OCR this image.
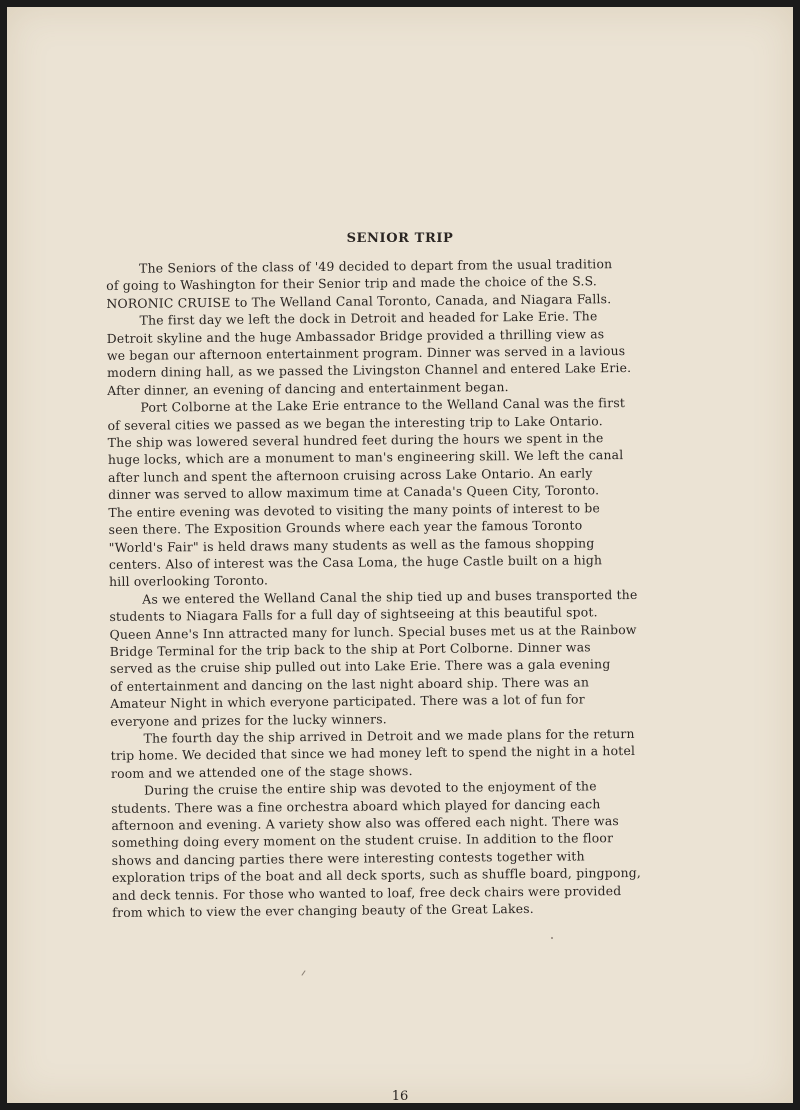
SENIOR TRIP

The Seniors of the class of '49 decided to depart from the usual tradition

of going to Washington for their Senior trip and made the choice of the S.S.

NORONIC CRUISE to The Welland Canal Toronto, Canada, and Niagara Falls.

The first day we left the dock in Detroit and headed for Lake Erie. The

Detroit skyline and the huge Ambassador Bridge provided a thrilling view as

we began our afternoon entertainment program. Dinner was served in a lavious

modern dining hall, as we passed the Livingston Channel and entered Lake Erie.

After dinner, an evening of dancing and entertainment began.

Port Colborne at the Lake Erie entrance to the Welland Canal was the first

of several cities we passed as we began the interesting trip to Lake Ontario.

The ship was lowered several hundred feet during the hours we spent in the

huge locks, which are a monument to man's engineering skill. We left the canal

after lunch and spent the afternoon cruising across Lake Ontario. An early

dinner was served to allow maximum time at Canada's Queen City, Toronto.

The entire evening was devoted to visiting the many points of interest to be

seen there. The Exposition Grounds where each year the famous Toronto

"World's Fair" is held draws many students as well as the famous shopping

centers. Also of interest was the Casa Loma, the huge Castle built on a high

hill overlooking Toronto.

As we entered the Welland Canal the ship tied up and buses transported the

students to Niagara Falls for a full day of sightseeing at this beautiful spot.

Queen Anne's Inn attracted many for lunch. Special buses met us at the Rainbow

Bridge Terminal for the trip back to the ship at Port Colborne. Dinner was

served as the cruise ship pulled out into Lake Erie. There was a gala evening

of entertainment and dancing on the last night aboard ship. There was an

Amateur Night in which everyone participated. There was a lot of fun for

everyone and prizes for the lucky winners.

The fourth day the ship arrived in Detroit and we made plans for the return

trip home. We decided that since we had money left to spend the night in a hotel

room and we attended one of the stage shows.

During the cruise the entire ship was devoted to the enjoyment of the

students. There was a fine orchestra aboard which played for dancing each

afternoon and evening. A variety show also was offered each night. There was

something doing every moment on the student cruise. In addition to the floor

shows and dancing parties there were interesting contests together with

exploration trips of the boat and all deck sports, such as shuffle board, pingpong,

and deck tennis. For those who wanted to loaf, free deck chairs were provided

from which to view the ever changing beauty of the Great Lakes.

16
